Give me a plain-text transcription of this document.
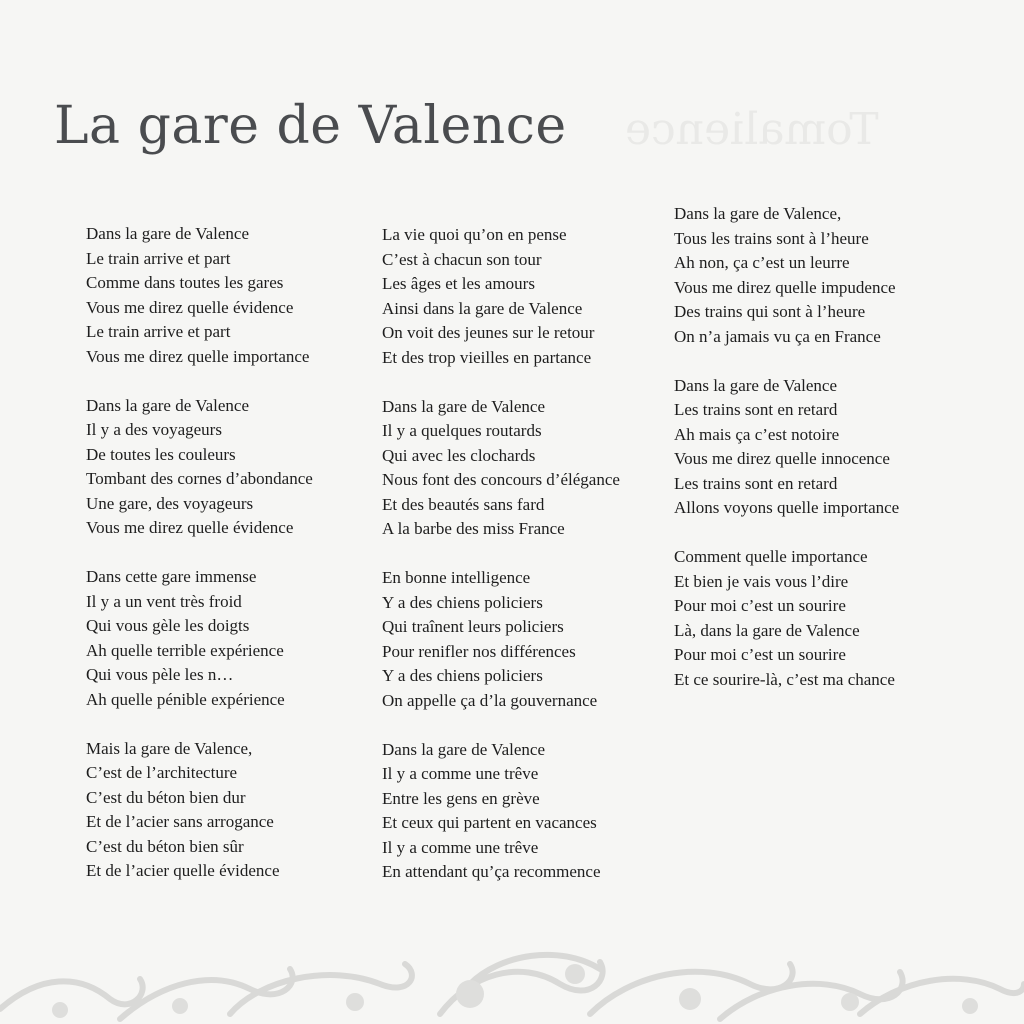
Tomalience
La gare de Valence
Dans la gare de Valence
Le train arrive et part
Comme dans toutes les gares
Vous me direz quelle évidence
Le train arrive et part
Vous me direz quelle importance
Dans la gare de Valence
Il y a des voyageurs
De toutes les couleurs
Tombant des cornes d’abondance
Une gare, des voyageurs
Vous me direz quelle évidence
Dans cette gare immense
Il y a un vent très froid
Qui vous gèle les doigts
Ah quelle terrible expérience
Qui vous pèle les n…
Ah quelle pénible expérience
Mais la gare de Valence,
C’est de l’architecture
C’est du béton bien dur
Et de l’acier sans arrogance
C’est du béton bien sûr
Et de l’acier quelle évidence
La vie quoi qu’on en pense
C’est à chacun son tour
Les âges et les amours
Ainsi dans la gare de Valence
On voit des jeunes sur le retour
Et des trop vieilles en partance
Dans la gare de Valence
Il y a quelques routards
Qui avec les clochards
Nous font des concours d’élégance
Et des beautés sans fard
A la barbe des miss France
En bonne intelligence
Y a des chiens policiers
Qui traînent leurs policiers
Pour renifler nos différences
Y a des chiens policiers
On appelle ça d’la gouvernance
Dans la gare de Valence
Il y a comme une trêve
Entre les gens en grève
Et ceux qui partent en vacances
Il y a comme une trêve
En attendant qu’ça recommence
Dans la gare de Valence,
Tous les trains sont à l’heure
Ah non, ça c’est un leurre
Vous me direz quelle impudence
Des trains qui sont à l’heure
On n’a jamais vu ça en France
Dans la gare de Valence
Les trains sont en retard
Ah mais ça c’est notoire
Vous me direz quelle innocence
Les trains sont en retard
Allons voyons quelle importance
Comment quelle importance
Et bien je vais vous l’dire
Pour moi c’est un sourire
Là, dans la gare de Valence
Pour moi c’est un sourire
Et ce sourire-là, c’est ma chance
